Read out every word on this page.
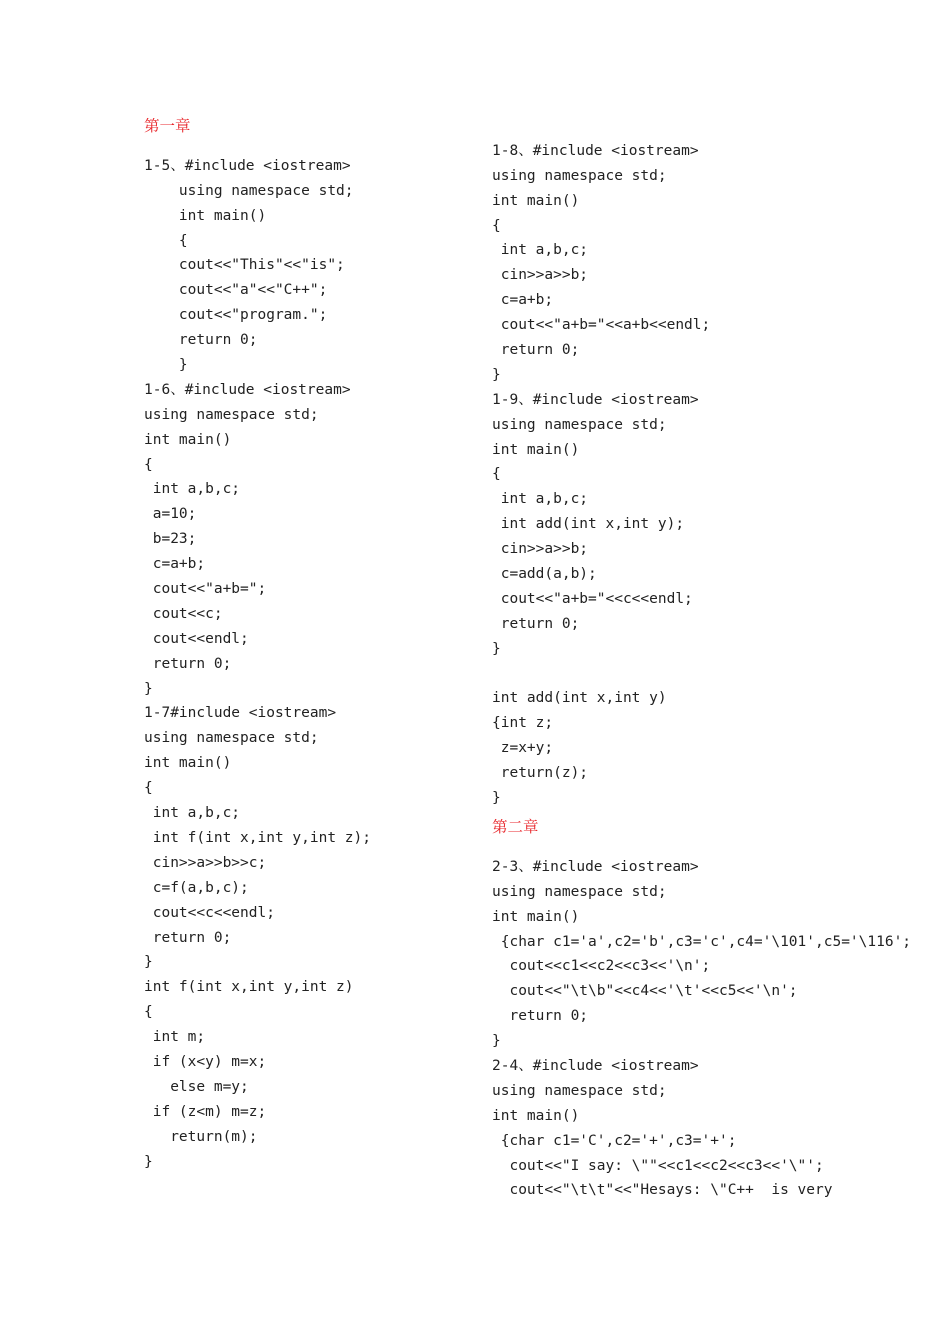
第一章
1-5、#include <iostream>
using namespace std;
int main()
{
cout<<"This"<<"is";
cout<<"a"<<"C++";
cout<<"program.";
return 0;
}
1-6、#include <iostream>
using namespace std;
int main()
{
int a,b,c;
a=10;
b=23;
c=a+b;
cout<<"a+b=";
cout<<c;
cout<<endl;
return 0;
}
1-7#include <iostream>
using namespace std;
int main()
{
int a,b,c;
int f(int x,int y,int z);
cin>>a>>b>>c;
c=f(a,b,c);
cout<<c<<endl;
return 0;
}
int f(int x,int y,int z)
{
int m;
if (x<y) m=x;
else m=y;
if (z<m) m=z;
return(m);
}
1-8、#include <iostream>
using namespace std;
int main()
{
int a,b,c;
cin>>a>>b;
c=a+b;
cout<<"a+b="<<a+b<<endl;
return 0;
}
1-9、#include <iostream>
using namespace std;
int main()
{
int a,b,c;
int add(int x,int y);
cin>>a>>b;
c=add(a,b);
cout<<"a+b="<<c<<endl;
return 0;
}
int add(int x,int y)
{int z;
z=x+y;
return(z);
}
第二章
2-3、#include <iostream>
using namespace std;
int main()
{char c1='a',c2='b',c3='c',c4='\101',c5='\116';
cout<<c1<<c2<<c3<<'\n';
cout<<"\t\b"<<c4<<'\t'<<c5<<'\n';
return 0;
}
2-4、#include <iostream>
using namespace std;
int main()
{char c1='C',c2='+',c3='+';
cout<<"I say: \""<<c1<<c2<<c3<<'\"';
cout<<"\t\t"<<"Hesays: \"C++  is very
